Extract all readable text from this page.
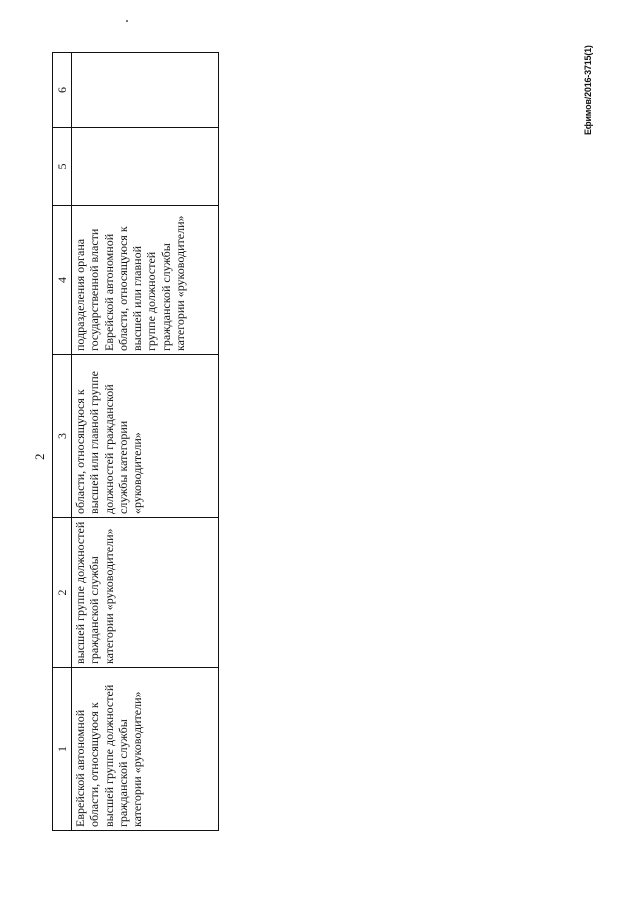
2
1	2	3	4	5	6

Еврейской автономной области, относящуюся к высшей группе должностей гражданской службы категории «руководители»	высшей группе должностей гражданской службы категории «руководители»	области, относящуюся к высшей или главной группе должностей гражданской службы категории «руководители»	подразделения органа государственной власти Еврейской автономной области, относящуюся к высшей или главной группе должностей гражданской службы категории «руководители»		

Ефимов/2016-3715(1)
